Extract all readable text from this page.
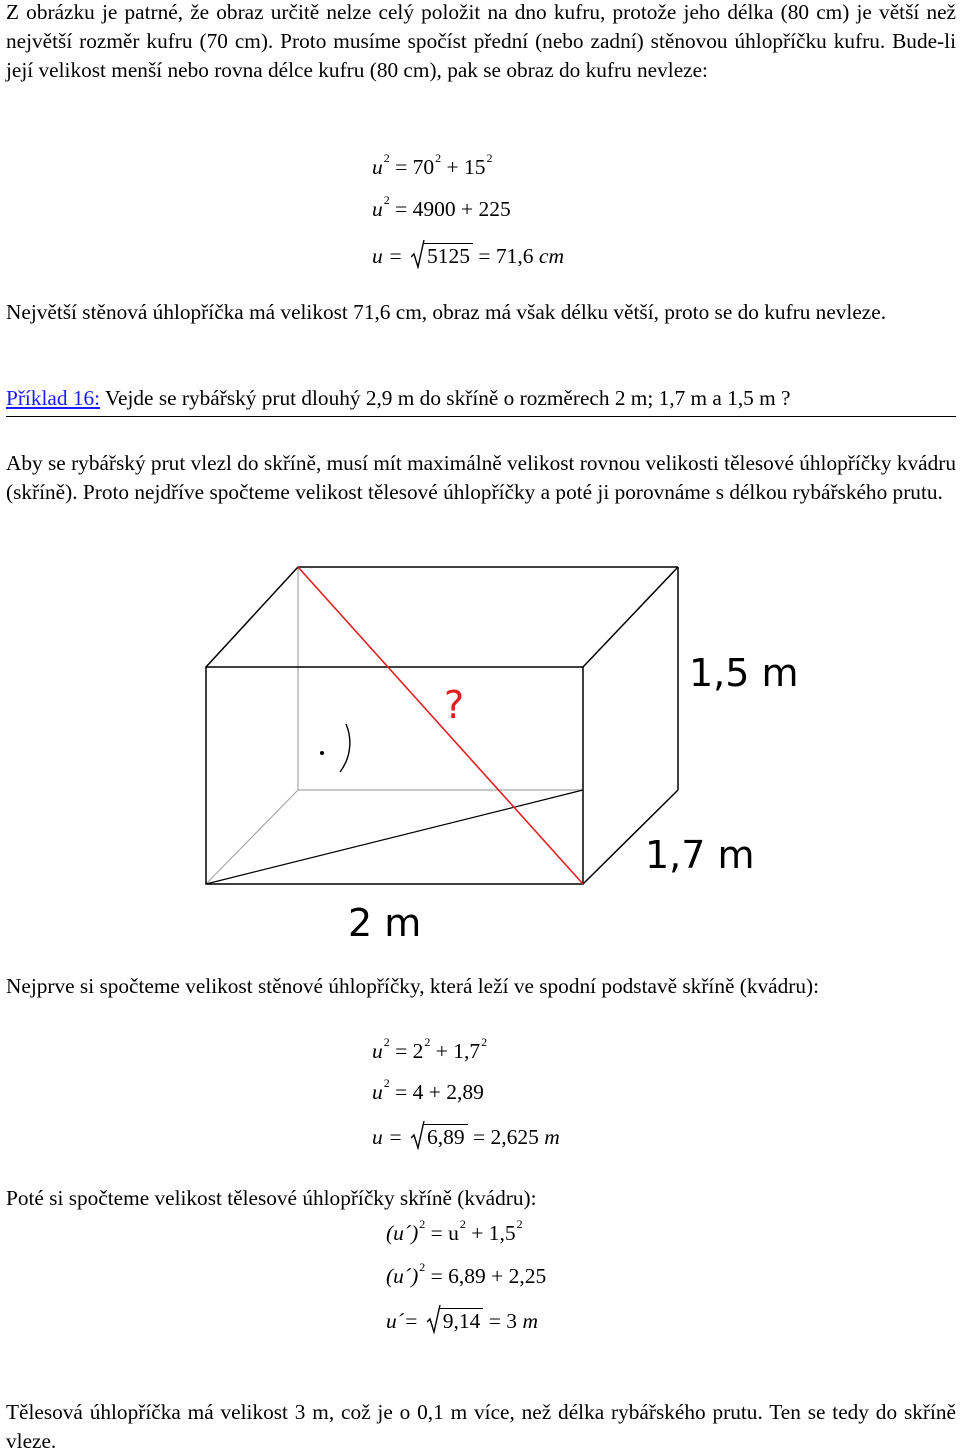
Z obrázku je patrné, že obraz určitě nelze celý položit na dno kufru, protože jeho délka (80 cm) je větší než největší rozměr kufru (70 cm). Proto musíme spočíst přední (nebo zadní) stěnovou úhlopříčku kufru. Bude-li její velikost menší nebo rovna délce kufru (80 cm), pak se obraz do kufru nevleze:
$u^2 = 70^2 + 15^2$
$u^2 = 4900 + 225$
u = 5125 = 71,6 cm
Největší stěnová úhlopříčka má velikost 71,6 cm, obraz má však délku větší, proto se do kufru nevleze.
Příklad 16: Vejde se rybářský prut dlouhý 2,9 m do skříně o rozměrech 2 m; 1,7 m a 1,5 m ?
Aby se rybářský prut vlezl do skříně, musí mít maximálně velikost rovnou velikosti tělesové úhlopříčky kvádru (skříně). Proto nejdříve spočteme velikost tělesové úhlopříčky a poté ji porovnáme s délkou rybářského prutu.
?
1,5 m
1,7 m
2 m
Nejprve si spočteme velikost stěnové úhlopříčky, která leží ve spodní podstavě skříně (kvádru):
$u^2 = 2^2 + 1,7^2$
$u^2 = 4 + 2,89$
u = 6,89 = 2,625 m
Poté si spočteme velikost tělesové úhlopříčky skříně (kvádru):
(u´)$^2$ = $u^2 + 1,5^2$
(u´)$^2$ = 6,89 + 2,25
u´= 9,14 = 3 m
Tělesová úhlopříčka má velikost 3 m, což je o 0,1 m více, než délka rybářského prutu. Ten se tedy do skříně vleze.
